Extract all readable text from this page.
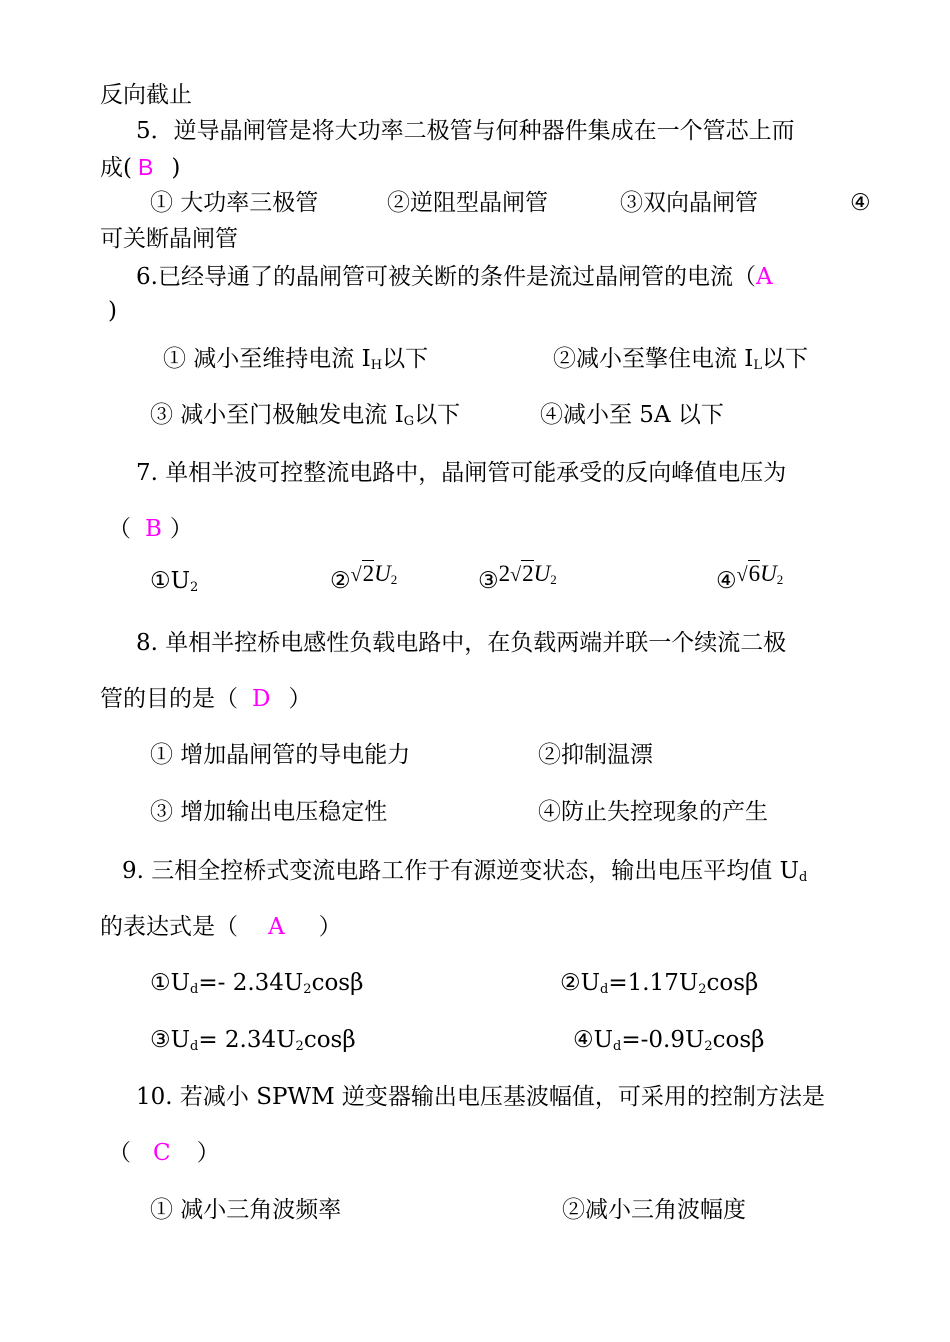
反向截止
5．逆导晶闸管是将大功率二极管与何种器件集成在一个管芯上而
成( B )
① 大功率三极管	②逆阻型晶闸管	③双向晶闸管	④
可关断晶闸管
6.已经导通了的晶闸管可被关断的条件是流过晶闸管的电流（A
)
① 减小至维持电流 $I_H$以下	②减小至擎住电流 $I_L$以下
③ 减小至门极触发电流 $I_G$以下	④减小至 5A 以下
7. 单相半波可控整流电路中，晶闸管可能承受的反向峰值电压为
（ B ）
$①U_2$	$②√2U_2$	$③2√2U_2$	$④√6U_2$
8. 单相半控桥电感性负载电路中，在负载两端并联一个续流二极
管的目的是（ D ）
① 增加晶闸管的导电能力	②抑制温漂
③ 增加输出电压稳定性	④防止失控现象的产生
9. 三相全控桥式变流电路工作于有源逆变状态，输出电压平均值 $U_d$
的表达式是（ A ）
$①U_d=-$ $2.34U_2\cos\beta$	$②U_d=1.17U_2\cos\beta$
$③U_d= 2.34U_2\cos\beta$	$④U_d=-0.9U_2\cos\beta$
10. 若减小 SPWM 逆变器输出电压基波幅值，可采用的控制方法是
（ C ）
① 减小三角波频率	②减小三角波幅度
